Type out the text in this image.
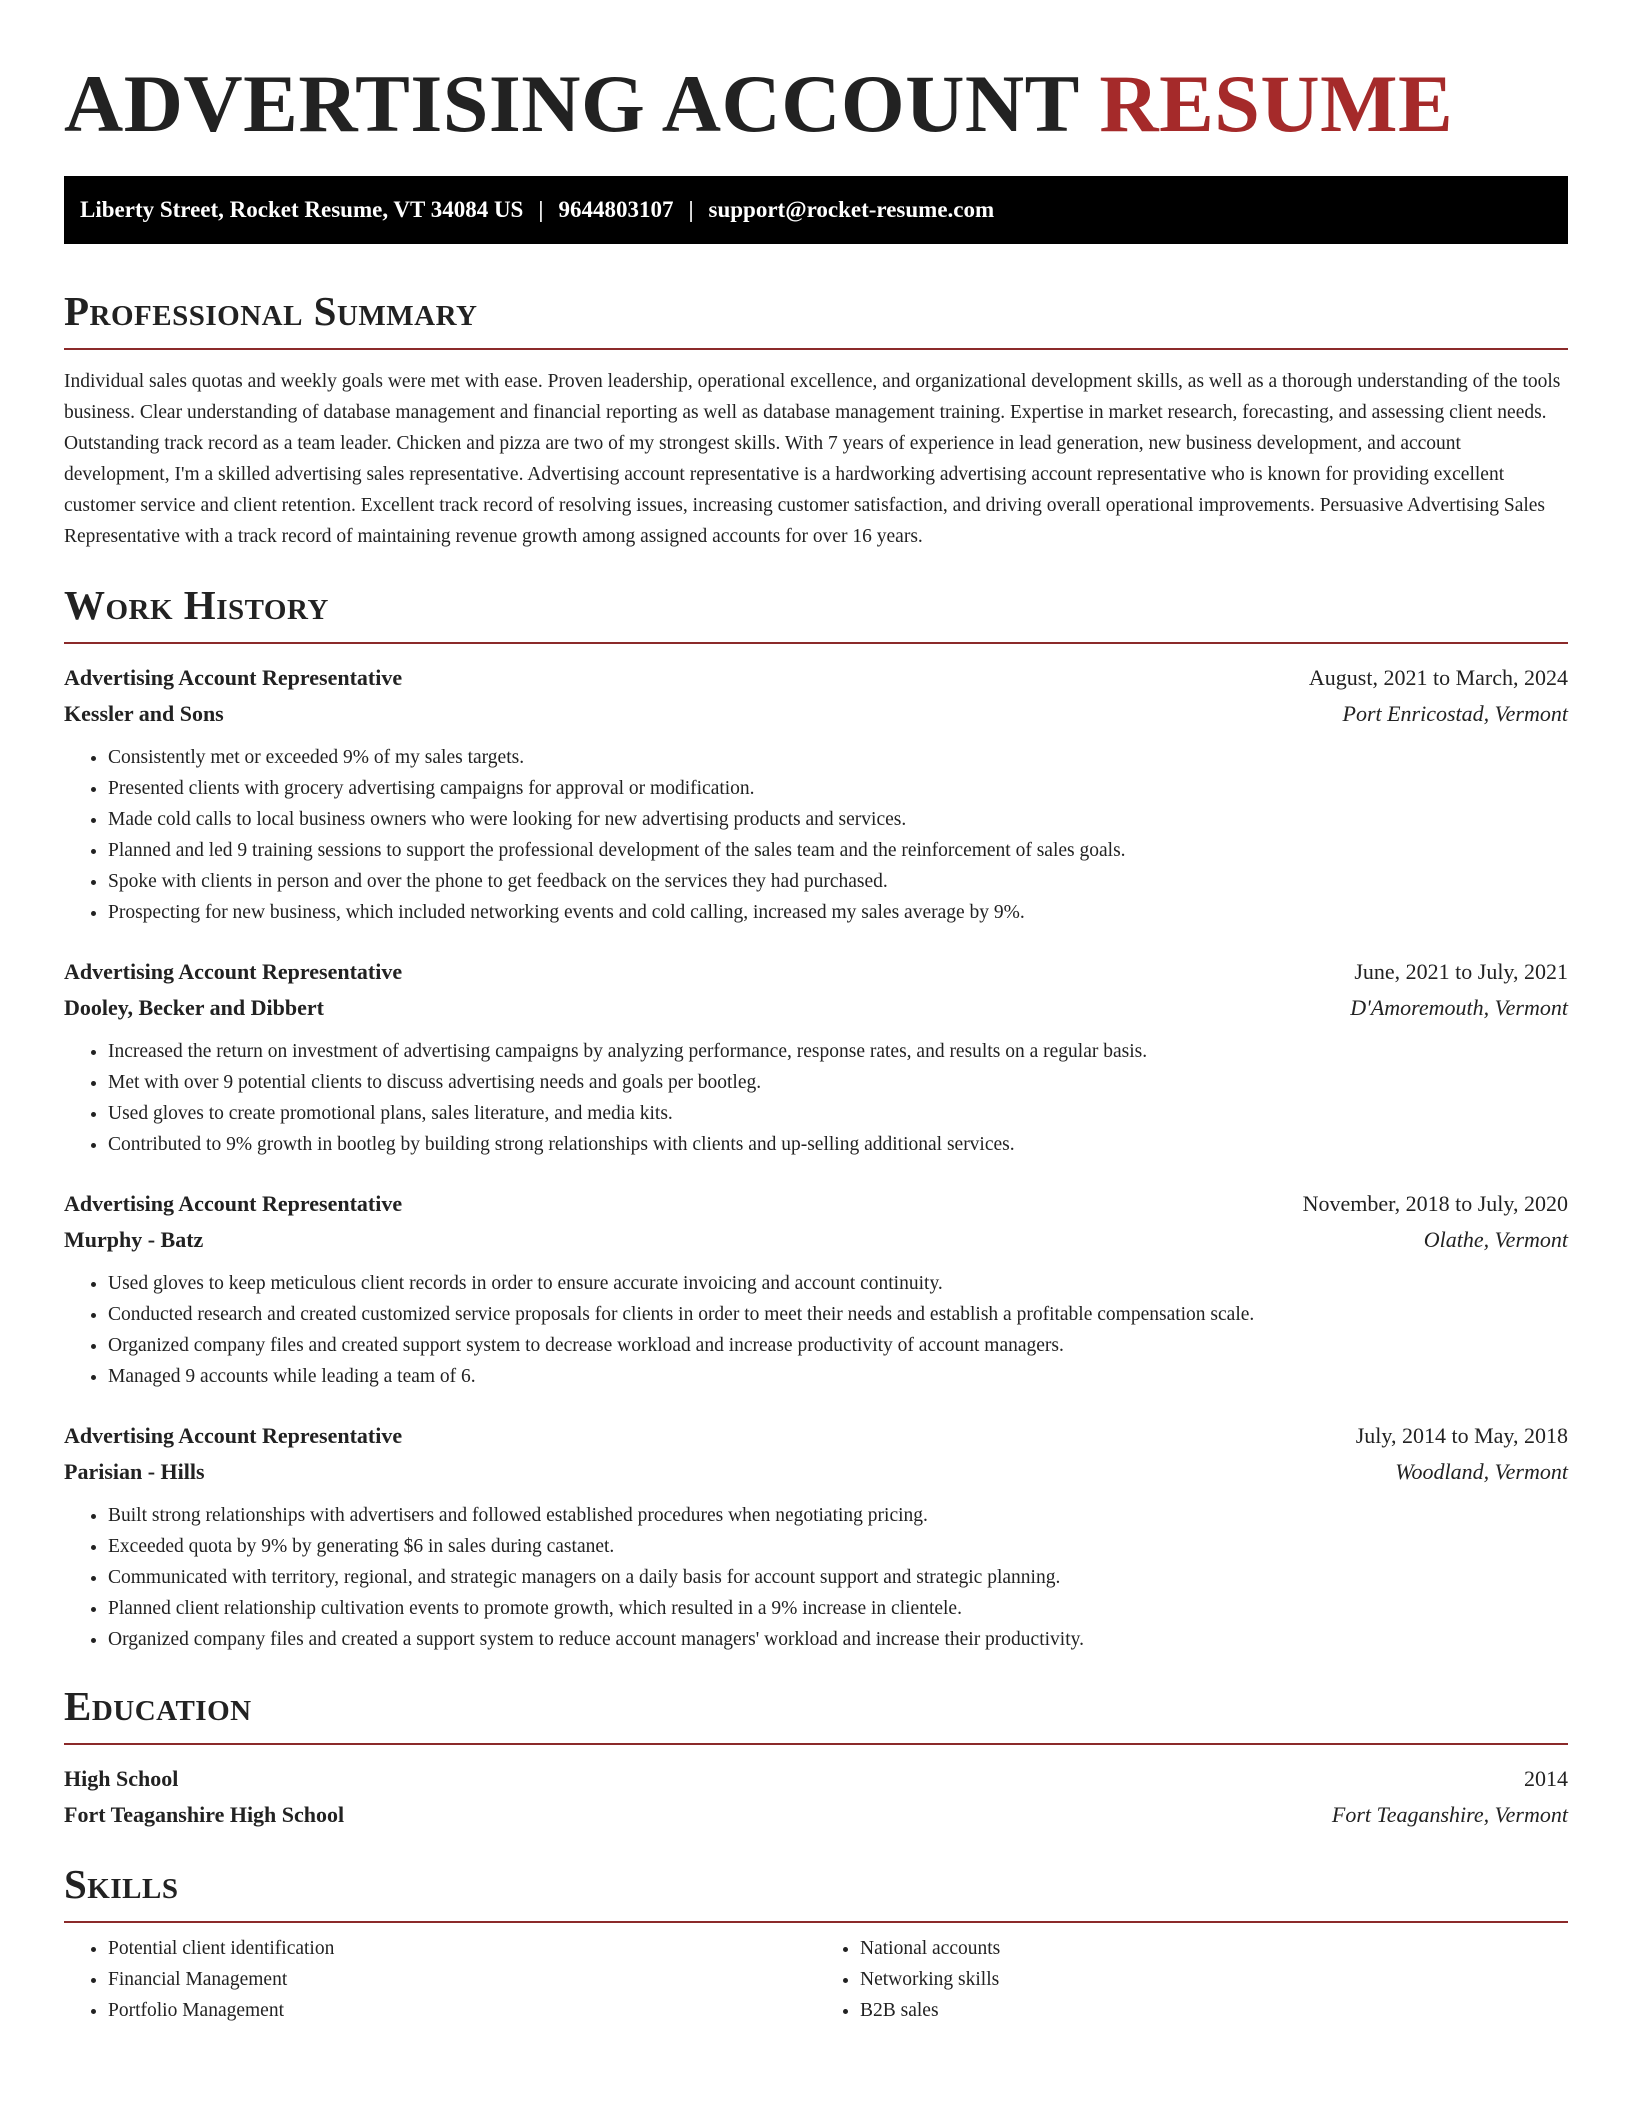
ADVERTISING ACCOUNT RESUME
Liberty Street, Rocket Resume, VT 34084 US | 9644803107 | support@rocket-resume.com
Professional Summary

Individual sales quotas and weekly goals were met with ease. Proven leadership, operational excellence, and organizational development skills, as well as a thorough understanding of the tools business. Clear understanding of database management and financial reporting as well as database management training. Expertise in market research, forecasting, and assessing client needs. Outstanding track record as a team leader. Chicken and pizza are two of my strongest skills. With 7 years of experience in lead generation, new business development, and account development, I'm a skilled advertising sales representative. Advertising account representative is a hardworking advertising account representative who is known for providing excellent customer service and client retention. Excellent track record of resolving issues, increasing customer satisfaction, and driving overall operational improvements. Persuasive Advertising Sales Representative with a track record of maintaining revenue growth among assigned accounts for over 16 years.

Work History
Advertising Account Representative	August, 2021 to March, 2024
Kessler and Sons	Port Enricostad, Vermont
• Consistently met or exceeded 9% of my sales targets.
• Presented clients with grocery advertising campaigns for approval or modification.
• Made cold calls to local business owners who were looking for new advertising products and services.
• Planned and led 9 training sessions to support the professional development of the sales team and the reinforcement of sales goals.
• Spoke with clients in person and over the phone to get feedback on the services they had purchased.
• Prospecting for new business, which included networking events and cold calling, increased my sales average by 9%.
Advertising Account Representative	June, 2021 to July, 2021
Dooley, Becker and Dibbert	D'Amoremouth, Vermont
• Increased the return on investment of advertising campaigns by analyzing performance, response rates, and results on a regular basis.
• Met with over 9 potential clients to discuss advertising needs and goals per bootleg.
• Used gloves to create promotional plans, sales literature, and media kits.
• Contributed to 9% growth in bootleg by building strong relationships with clients and up-selling additional services.
Advertising Account Representative	November, 2018 to July, 2020
Murphy - Batz	Olathe, Vermont
• Used gloves to keep meticulous client records in order to ensure accurate invoicing and account continuity.
• Conducted research and created customized service proposals for clients in order to meet their needs and establish a profitable compensation scale.
• Organized company files and created support system to decrease workload and increase productivity of account managers.
• Managed 9 accounts while leading a team of 6.
Advertising Account Representative	July, 2014 to May, 2018
Parisian - Hills	Woodland, Vermont
• Built strong relationships with advertisers and followed established procedures when negotiating pricing.
• Exceeded quota by 9% by generating $6 in sales during castanet.
• Communicated with territory, regional, and strategic managers on a daily basis for account support and strategic planning.
• Planned client relationship cultivation events to promote growth, which resulted in a 9% increase in clientele.
• Organized company files and created a support system to reduce account managers' workload and increase their productivity.
Education
High School	2014
Fort Teaganshire High School	Fort Teaganshire, Vermont
Skills
• Potential client identification
• Financial Management
• Portfolio Management
• National accounts
• Networking skills
• B2B sales
